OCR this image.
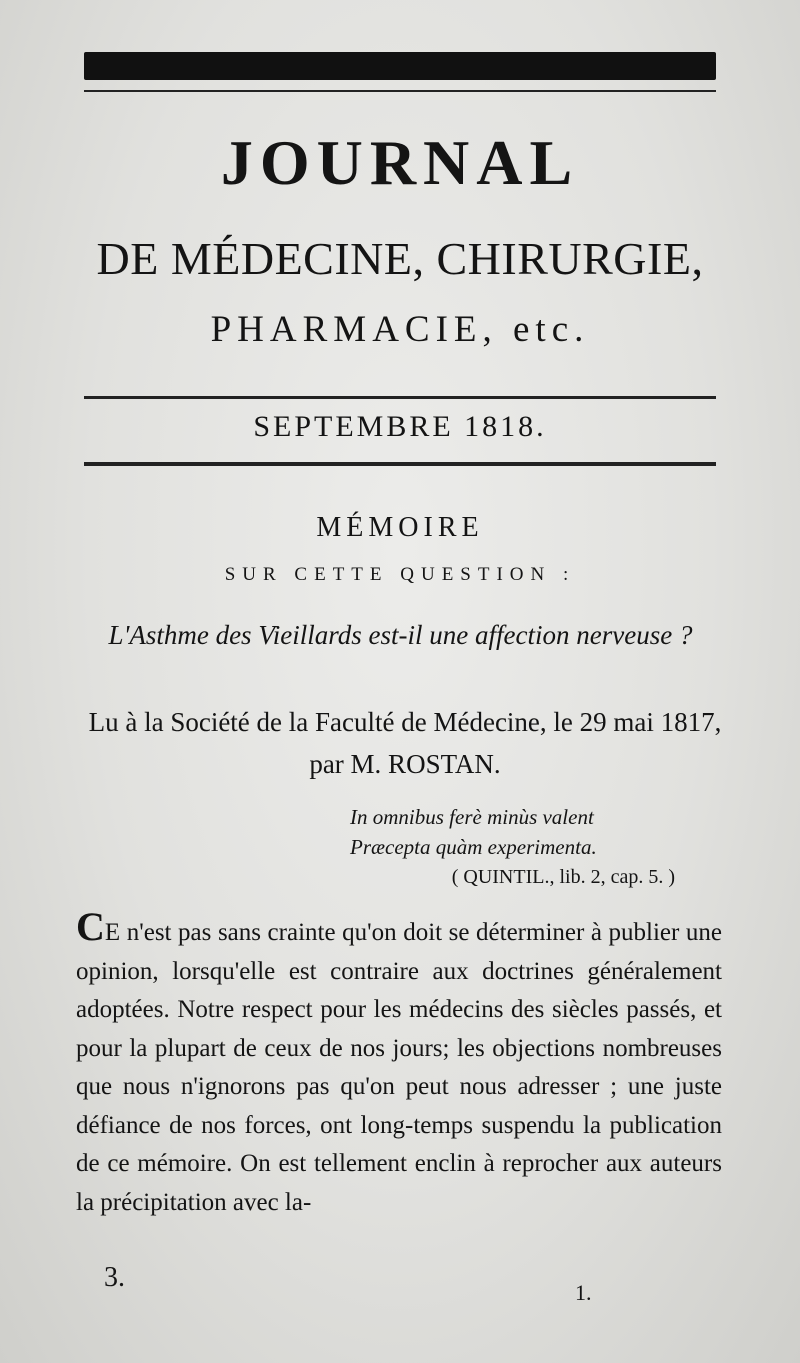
JOURNAL
DE MÉDECINE, CHIRURGIE,
PHARMACIE, etc.
SEPTEMBRE 1818.
MÉMOIRE
SUR CETTE QUESTION :
L'Asthme des Vieillards est-il une affection nerveuse ?
Lu à la Société de la Faculté de Médecine, le 29 mai 1817, par M. ROSTAN.
In omnibus ferè minùs valent
Præcepta quàm experimenta.
( QUINTIL., lib. 2, cap. 5. )
CE n'est pas sans crainte qu'on doit se déterminer à publier une opinion, lorsqu'elle est contraire aux doctrines généralement adoptées. Notre respect pour les médecins des siècles passés, et pour la plupart de ceux de nos jours; les objections nombreuses que nous n'ignorons pas qu'on peut nous adresser ; une juste défiance de nos forces, ont long-temps suspendu la publication de ce mémoire. On est tellement enclin à reprocher aux auteurs la précipitation avec la-
3.	1.
